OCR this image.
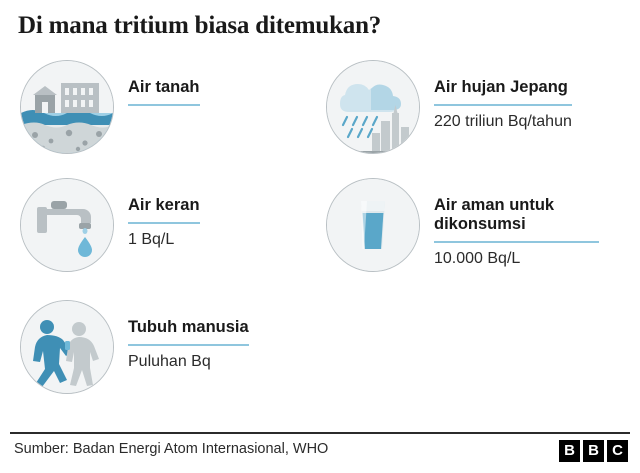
Di mana tritium biasa ditemukan?
Air tanah
Air keran
1 Bq/L
Tubuh manusia
Puluhan Bq
Air hujan Jepang
220 triliun Bq/tahun
Air aman untuk dikonsumsi
10.000 Bq/L
Sumber: Badan Energi Atom Internasional, WHO	B B C
